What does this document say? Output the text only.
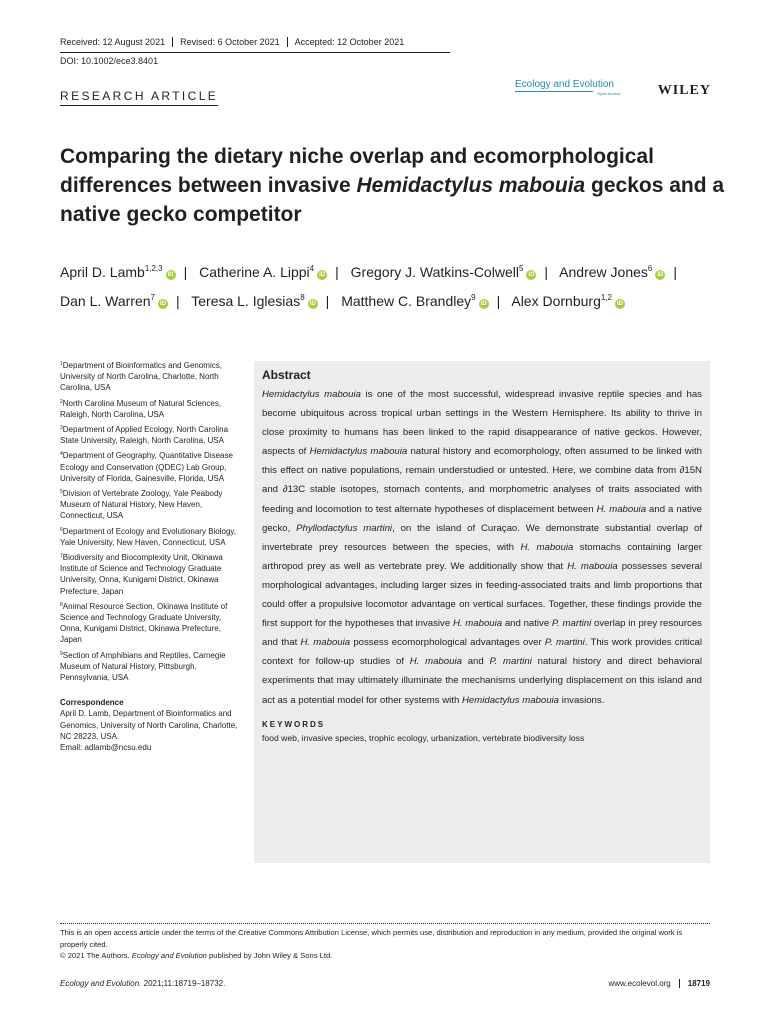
Received: 12 August 2021	Revised: 6 October 2021	Accepted: 12 October 2021
DOI: 10.1002/ece3.8401
RESEARCH ARTICLE
Ecology and Evolution
Open Access	WILEY
Comparing the dietary niche overlap and ecomorphological differences between invasive Hemidactylus mabouia geckos and a native gecko competitor
April D. Lamb$^{1,2,3}$iD | Catherine A. Lippi$^4$iD | Gregory J. Watkins-Colwell$^5$iD | Andrew Jones$^6$iD | Dan L. Warren$^7$iD | Teresa L. Iglesias$^8$iD | Matthew C. Brandley$^9$iD | Alex Dornburg$^{1,2}$iD
$^1$Department of Bioinformatics and Genomics, University of North Carolina, Charlotte, North Carolina, USA
$^2$North Carolina Museum of Natural Sciences, Raleigh, North Carolina, USA
$^3$Department of Applied Ecology, North Carolina State University, Raleigh, North Carolina, USA
$^4$Department of Geography, Quantitative Disease Ecology and Conservation (QDEC) Lab Group, University of Florida, Gainesville, Florida, USA
$^5$Division of Vertebrate Zoology, Yale Peabody Museum of Natural History, New Haven, Connecticut, USA
$^6$Department of Ecology and Evolutionary Biology, Yale University, New Haven, Connecticut, USA
$^7$Biodiversity and Biocomplexity Unit, Okinawa Institute of Science and Technology Graduate University, Onna, Kunigami District, Okinawa Prefecture, Japan
$^8$Animal Resource Section, Okinawa Institute of Science and Technology Graduate University, Onna, Kunigami District, Okinawa Prefecture, Japan
$^9$Section of Amphibians and Reptiles, Carnegie Museum of Natural History, Pittsburgh, Pennsylvania, USA
Correspondence
April D. Lamb, Department of Bioinformatics and Genomics, University of North Carolina, Charlotte, NC 28223, USA.
Email: adlamb@ncsu.edu
Abstract

Hemidactylus mabouia is one of the most successful, widespread invasive reptile species and has become ubiquitous across tropical urban settings in the Western Hemisphere. Its ability to thrive in close proximity to humans has been linked to the rapid disappearance of native geckos. However, aspects of Hemidactylus mabouia natural history and ecomorphology, often assumed to be linked with this effect on native populations, remain understudied or untested. Here, we combine data from ∂15N and ∂13C stable isotopes, stomach contents, and morphometric analyses of traits associated with feeding and locomotion to test alternate hypotheses of displacement between H. mabouia and a native gecko, Phyllodactylus martini, on the island of Curaçao. We demonstrate substantial overlap of invertebrate prey resources between the species, with H. mabouia stomachs containing larger arthropod prey as well as vertebrate prey. We additionally show that H. mabouia possesses several morphological advantages, including larger sizes in feeding-associated traits and limb proportions that could offer a propulsive locomotor advantage on vertical surfaces. Together, these findings provide the first support for the hypotheses that invasive H. mabouia and native P. martini overlap in prey resources and that H. mabouia possess ecomorphological advantages over P. martini. This work provides critical context for follow-up studies of H. mabouia and P. martini natural history and direct behavioral experiments that may ultimately illuminate the mechanisms underlying displacement on this island and act as a potential model for other systems with Hemidactylus mabouia invasions.

KEYWORDS
food web, invasive species, trophic ecology, urbanization, vertebrate biodiversity loss
This is an open access article under the terms of the Creative Commons Attribution License, which permits use, distribution and reproduction in any medium, provided the original work is properly cited.
© 2021 The Authors. Ecology and Evolution published by John Wiley & Sons Ltd.
Ecology and Evolution. 2021;11:18719–18732.	www.ecolevol.org	18719
